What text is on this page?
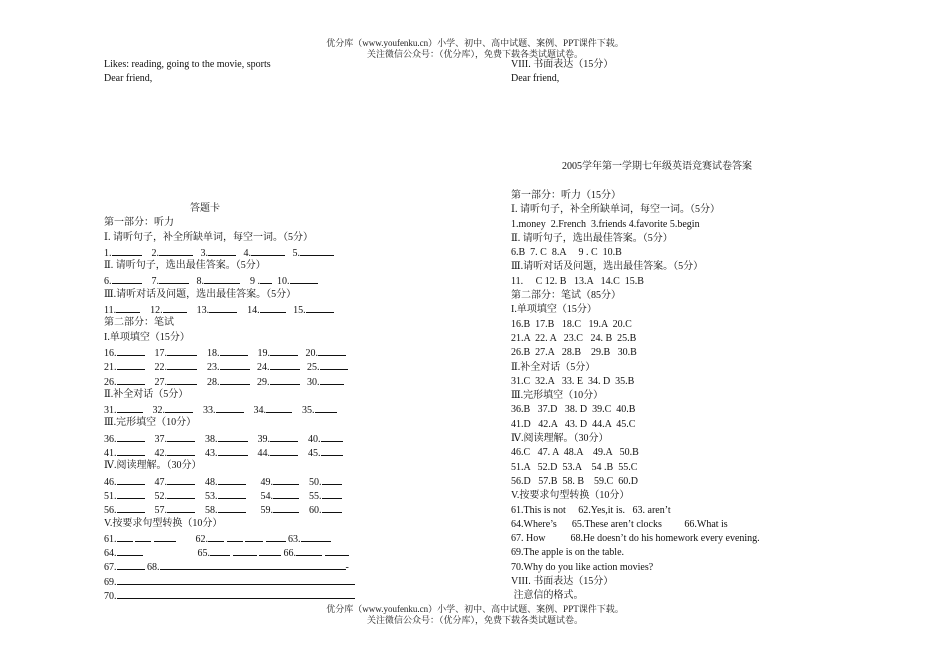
优分库（www.youfenku.cn）小学、初中、高中试题、案例、PPT课件下载。
关注微信公众号：（优分库），免费下载各类试题试卷。
Likes: reading, going to the movie, sports
Dear friend,
VIII. 书面表达（15分）
Dear friend,
答题卡
第一部分：听力
Ⅰ. 请听句子，补全所缺单词，每空一词。（5分）
1.	2.	3.	4.	5.
Ⅱ. 请听句子，选出最佳答案。（5分）
6.	7.	8.	9 . 10.
Ⅲ.请听对话及问题，选出最佳答案。（5分）
11.	12.	13.	14.	15.
第二部分：笔试
I.单项填空（15分）
16.	17.	18.	19.	20.
21.	22.	23.	24.	25.
26.	27.	28.	29.	30.
Ⅱ.补全对话（5分）
31.	32.	33.	34.	35.
Ⅲ.完形填空（10分）
36.	37.	38.	39.	40.
41.	42.	43.	44.	45.
Ⅳ.阅读理解。（30分）
46.	47.	48.	49.	50.
51.	52.	53.	54.	55.
56.	57.	58.	59.	60.
V.按要求句型转换（10分）
61.	62.	63.
64.	65.	66.
67.	68.	-
69.
70.
2005学年第一学期七年级英语竞赛试卷答案
第一部分：听力（15分）
Ⅰ. 请听句子，补全所缺单词，每空一词。（5分）
1.money  2.French  3.friends 4.favorite 5.begin
Ⅱ. 请听句子，选出最佳答案。（5分）
6.B  7. C  8.A     9 . C  10.B
Ⅲ.请听对话及问题，选出最佳答案。（5分）
11.     C 12. B   13.A   14.C  15.B
第二部分：笔试（85分）
I.单项填空（15分）
16.B  17.B   18.C   19.A  20.C
21.A  22. A   23.C   24. B  25.B
26.B  27.A   28.B    29.B   30.B
Ⅱ.补全对话（5分）
31.C  32.A   33. E  34. D  35.B
Ⅲ.完形填空（10分）
36.B   37.D   38. D  39.C  40.B
41.D   42.A   43. D  44.A  45.C
Ⅳ.阅读理解。（30分）
46.C   47. A  48.A    49.A   50.B
51.A   52.D  53.A    54 .B  55.C
56.D   57.B  58. B    59.C  60.D
V.按要求句型转换（10分）
61.This is not     62.Yes,it is.   63. aren’t
64.Where’s      65.These aren’t clocks         66.What is
67. How          68.He doesn’t do his homework every evening.
69.The apple is on the table.
70.Why do you like action movies?
VIII. 书面表达（15分）
注意信的格式。
优分库（www.youfenku.cn）小学、初中、高中试题、案例、PPT课件下载。
关注微信公众号：（优分库），免费下载各类试题试卷。
